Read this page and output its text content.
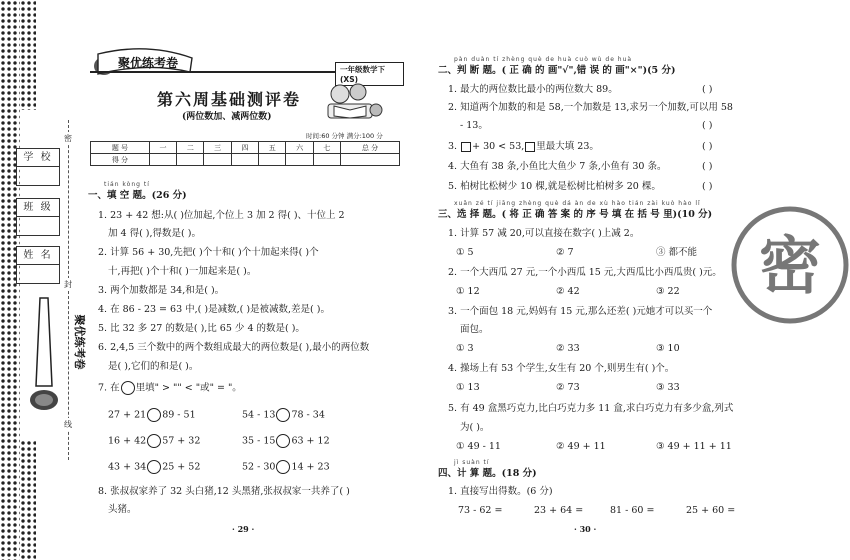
学 校
班 级
姓 名
密
封
线
聚优练考卷
聚优练考卷	一年级数学下(XS)
第六周基础测评卷
(两位数加、减两位数)
时间:60 分钟 满分:100 分
题 号	一	二	三	四	五	六	七	总 分
得 分								
tián kòng tí
一、填 空 题。(26 分)
1. 23 + 42 想:从( )位加起,个位上 3 加 2 得( )、十位上 2
加 4 得( ),得数是( )。
2. 计算 56 + 30,先把( )个十和( )个十加起来得( )个
十,再把( )个十和( )一加起来是( )。
3. 两个加数都是 34,和是( )。
4. 在 86 - 23 = 63 中,( )是减数,( )是被减数,差是( )。
5. 比 32 多 27 的数是( ),比 65 少 4 的数是( )。
6. 2,4,5 三个数中的两个数组成最大的两位数是( ),最小的两位数
是( ),它们的和是( )。
7. 在 里填" > "" < "或" = "。
27 + 21 89 - 51	54 - 13 78 - 34
16 + 42 57 + 32	35 - 15 63 + 12
43 + 34 25 + 52	52 - 30 14 + 23
8. 张叔叔家养了 32 头白猪,12 头黑猪,张叔叔家一共养了( )
头猪。
· 29 ·
密
pàn duàn tí zhèng què de huà cuò wù de huà
二、判 断 题。( 正 确 的 画"√",错 误 的 画"×")(5 分)
1. 最大的两位数比最小的两位数大 89。	( )
2. 知道两个加数的和是 58,一个加数是 13,求另一个加数,可以用 58
- 13。	( )
3. + 30 < 53, 里最大填 23。	( )
4. 大鱼有 38 条,小鱼比大鱼少 7 条,小鱼有 30 条。	( )
5. 柏树比松树少 10 棵,就是松树比柏树多 20 棵。	( )
xuǎn zé tí jiāng zhèng què dá àn de xù hào tián zài kuò hào lǐ
三、选 择 题。( 将 正 确 答 案 的 序 号 填 在 括 号 里)(10 分)
1. 计算 57 减 20,可以直接在数字( )上减 2。
① 5	② 7	③ 都不能
2. 一个大西瓜 27 元,一个小西瓜 15 元,大西瓜比小西瓜贵( )元。
① 12	② 42	③ 22
3. 一个面包 18 元,妈妈有 15 元,那么还差( )元她才可以买一个
面包。
① 3	② 33	③ 10
4. 操场上有 53 个学生,女生有 20 个,则男生有( )个。
① 13	② 73	③ 33
5. 有 49 盒黑巧克力,比白巧克力多 11 盒,求白巧克力有多少盒,列式
为( )。
① 49 - 11	② 49 + 11	③ 49 + 11 + 11
jì suàn tí
四、计 算 题。(18 分)
1. 直接写出得数。(6 分)
73 - 62 =	23 + 64 =	81 - 60 =	25 + 60 =
· 30 ·
